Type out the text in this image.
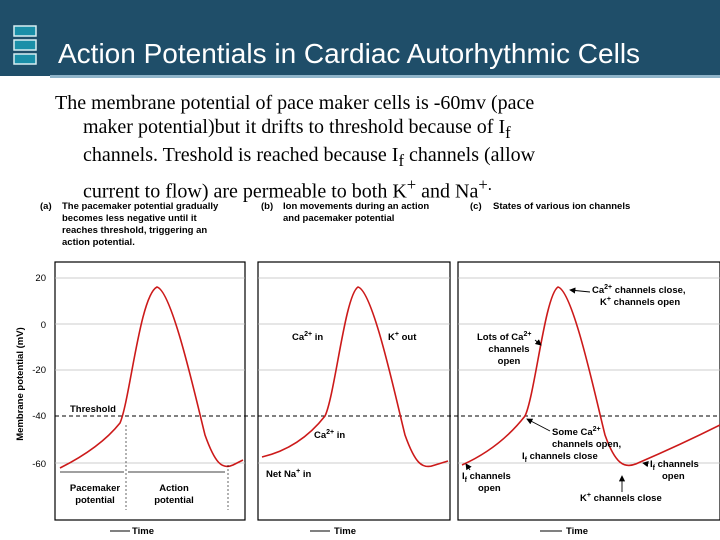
Action Potentials in Cardiac Autorhythmic Cells
The membrane potential of pace maker cells is -60mv (pace
maker potential)but it drifts to threshold because of $I_f$
channels. Treshold is reached because $I_f$ channels (allow
current to flow) are permeable to both K+ and Na+.
(a) The pacemaker potential gradually
becomes less negative until it
reaches threshold, triggering an
action potential.
(b) Ion movements during an action
and pacemaker potential
(c) States of various ion channels
Membrane potential (mV)
20
0
-20
-40
-60
Threshold
Pacemaker
potential
Action
potential
$Ca^{2+}$ in	K+ out
$Ca^{2+}$ in
Net Na+ in
$Ca^{2+}$ channels close,
K+ channels open
Lots of $Ca^{2+}$
channels
open
Some $Ca^{2+}$
channels open,
$I_f$ channels close
$I_f$ channels
open
$I_f$ channels
open
K+ channels close
Time	Time	Time
